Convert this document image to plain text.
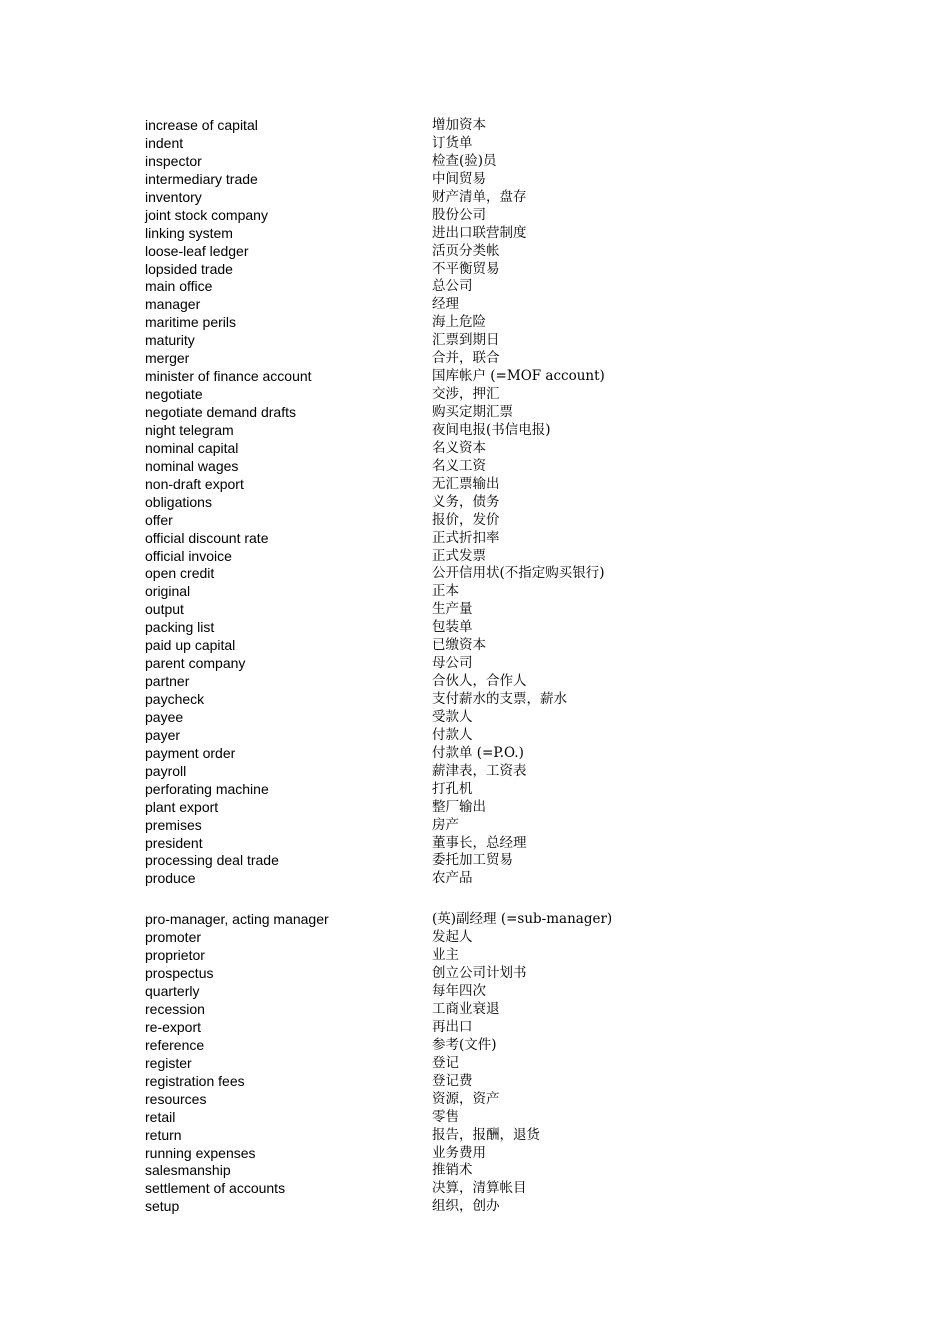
increase of capital	增加资本
indent	订货单
inspector	检查(验)员
intermediary trade	中间贸易
inventory	财产清单，盘存
joint stock company	股份公司
linking system	进出口联营制度
loose-leaf ledger	活页分类帐
lopsided trade	不平衡贸易
main office	总公司
manager	经理
maritime perils	海上危险
maturity	汇票到期日
merger	合并，联合
minister of finance account	国库帐户 (=MOF account)
negotiate	交涉，押汇
negotiate demand drafts	购买定期汇票
night telegram	夜间电报(书信电报)
nominal capital	名义资本
nominal wages	名义工资
non-draft export	无汇票输出
obligations	义务，债务
offer	报价，发价
official discount rate	正式折扣率
official invoice	正式发票
open credit	公开信用状(不指定购买银行)
original	正本
output	生产量
packing list	包装单
paid up capital	已缴资本
parent company	母公司
partner	合伙人，合作人
paycheck	支付薪水的支票，薪水
payee	受款人
payer	付款人
payment order	付款单 (=P.O.)
payroll	薪津表，工资表
perforating machine	打孔机
plant export	整厂输出
premises	房产
president	董事长，总经理
processing deal trade	委托加工贸易
produce	农产品
pro-manager, acting manager	(英)副经理 (=sub-manager)
promoter	发起人
proprietor	业主
prospectus	创立公司计划书
quarterly	每年四次
recession	工商业衰退
re-export	再出口
reference	参考(文件)
register	登记
registration fees	登记费
resources	资源，资产
retail	零售
return	报告，报酬，退货
running expenses	业务费用
salesmanship	推销术
settlement of accounts	决算，清算帐目
setup	组织，创办
